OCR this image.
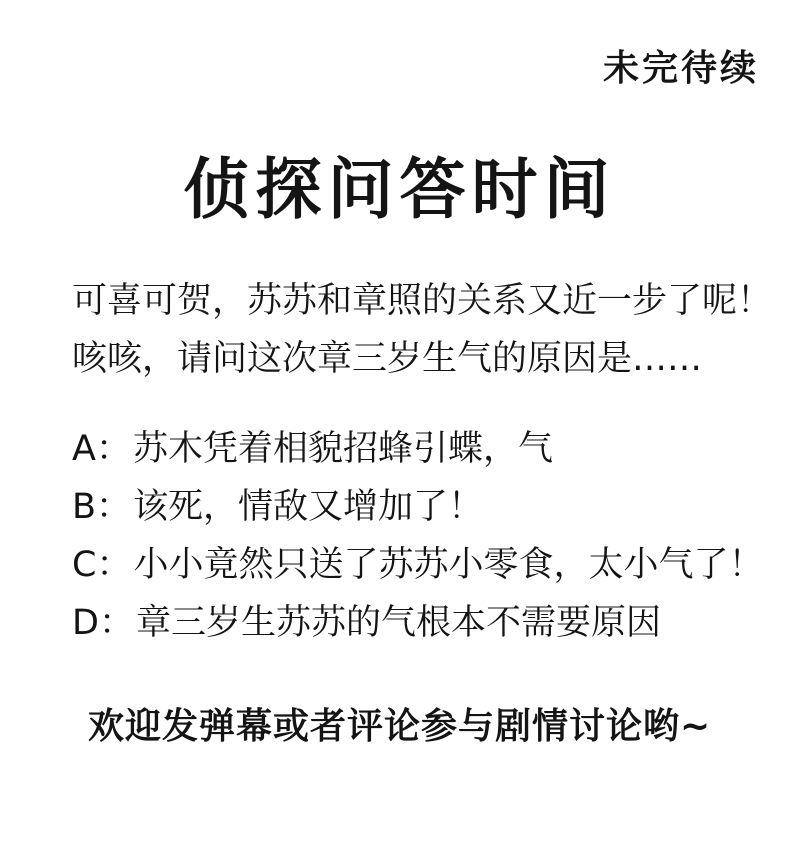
未完待续
侦探问答时间

可喜可贺，苏苏和章照的关系又近一步了呢！

咳咳，请问这次章三岁生气的原因是……

A：苏木凭着相貌招蜂引蝶，气

B：该死，情敌又增加了！

C：小小竟然只送了苏苏小零食，太小气了！

D：章三岁生苏苏的气根本不需要原因

欢迎发弹幕或者评论参与剧情讨论哟~
